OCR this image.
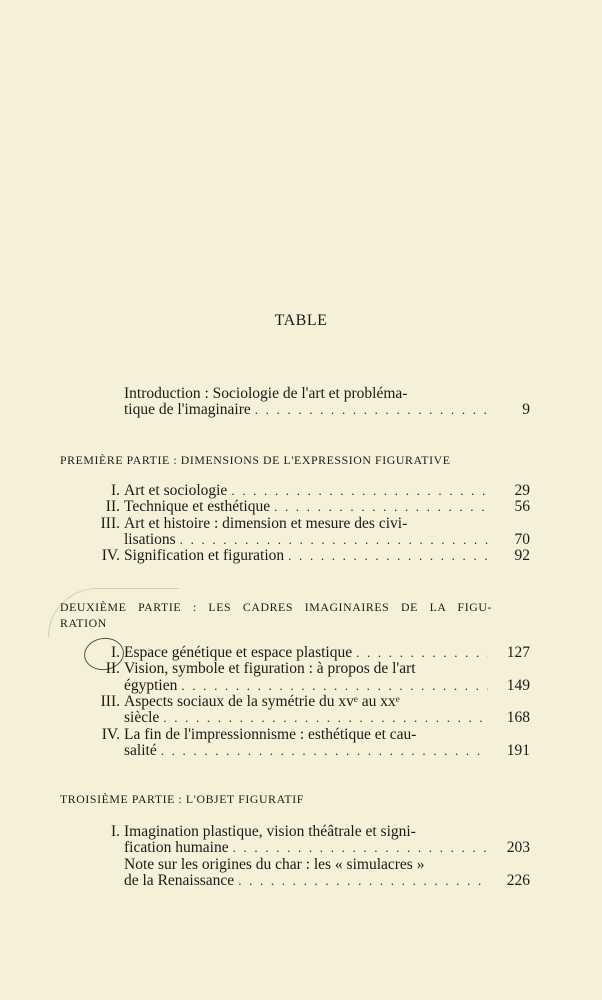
TABLE
Introduction : Sociologie de l'art et probléma-
tique de l'imaginaire . . .	9
PREMIÈRE PARTIE : DIMENSIONS DE L'EXPRESSION FIGURATIVE
I. Art et sociologie . . .	29
II. Technique et esthétique . . .	56
III. Art et histoire : dimension et mesure des civi-
lisations . . .	70
IV. Signification et figuration . . .	92
DEUXIÈME PARTIE : LES CADRES IMAGINAIRES DE LA FIGU-
RATION
I. Espace génétique et espace plastique . . .	127
II. Vision, symbole et figuration : à propos de l'art
égyptien . . .	149
III. Aspects sociaux de la symétrie du xvᵉ au xxᵉ
siècle . . .	168
IV. La fin de l'impressionnisme : esthétique et cau-
salité . . .	191
TROISIÈME PARTIE : L'OBJET FIGURATIF
I. Imagination plastique, vision théâtrale et signi-
fication humaine . . .	203
Note sur les origines du char : les « simulacres »
de la Renaissance . . .	226
